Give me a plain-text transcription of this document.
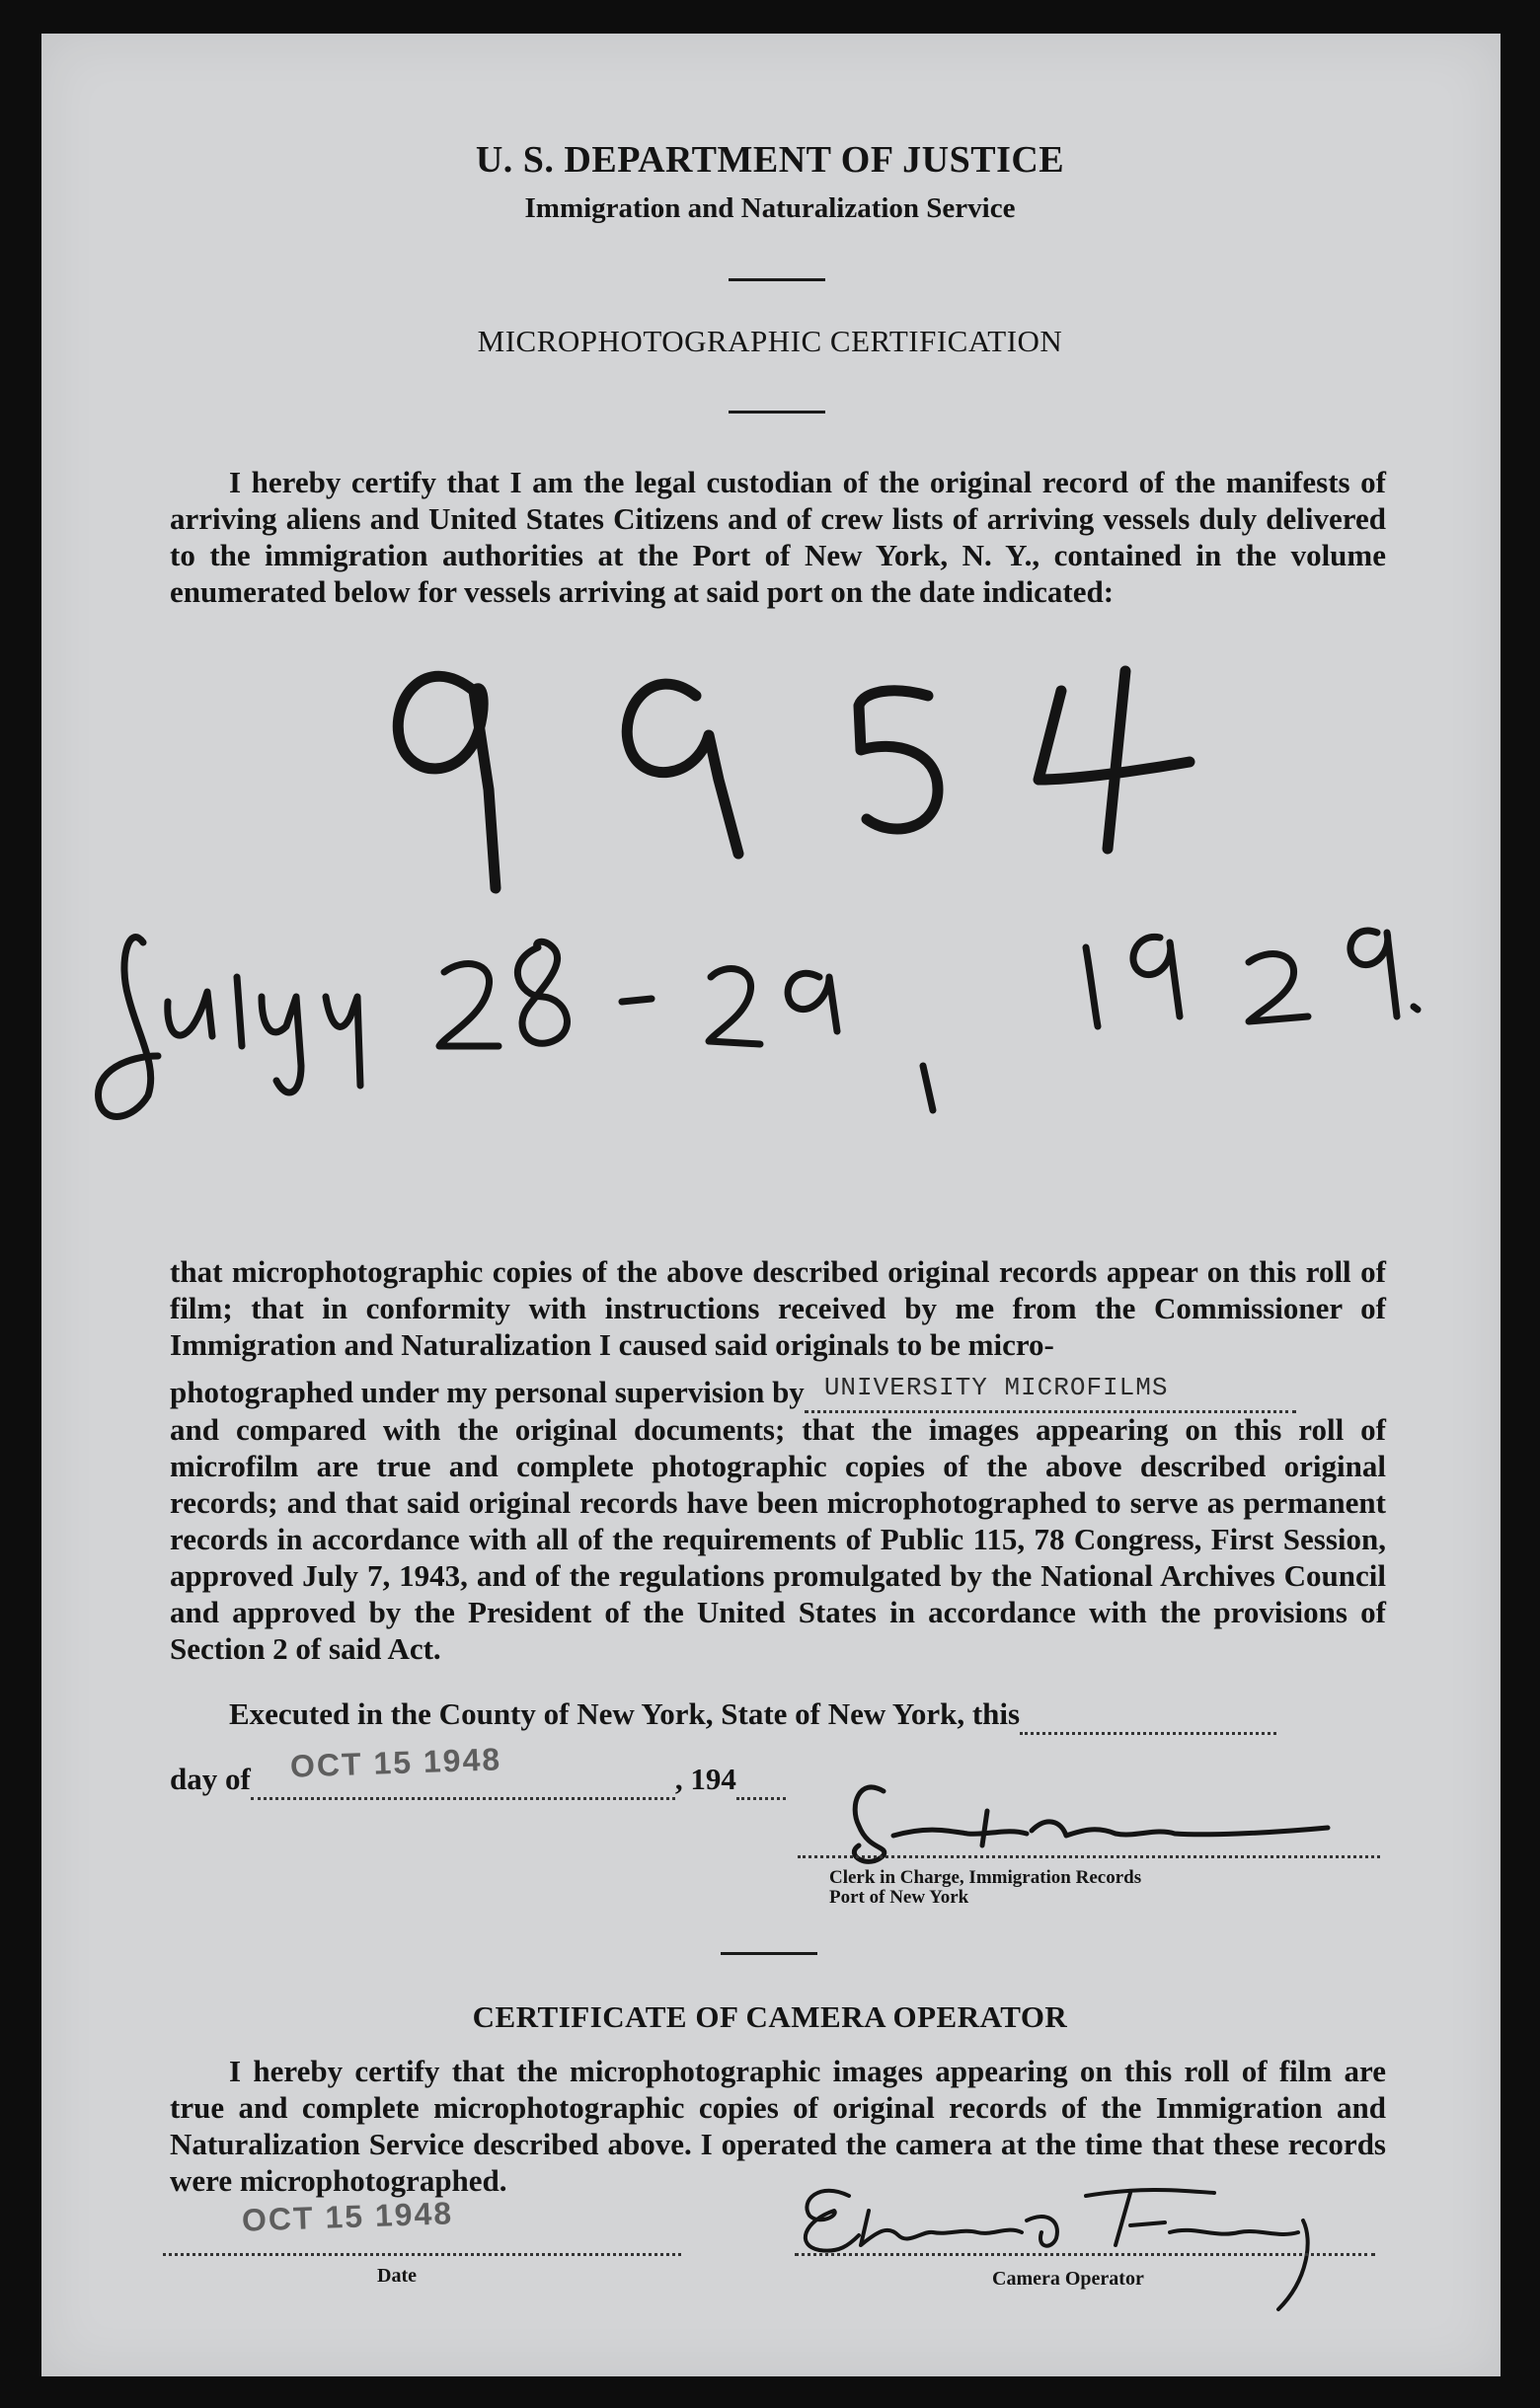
U. S. DEPARTMENT OF JUSTICE
Immigration and Naturalization Service
MICROPHOTOGRAPHIC CERTIFICATION

I hereby certify that I am the legal custodian of the original record of the manifests of arriving aliens and United States Citizens and of crew lists of arriving vessels duly delivered to the immigration authorities at the Port of New York, N. Y., contained in the volume enumerated below for vessels arriving at said port on the date indicated:

that microphotographic copies of the above described original records appear on this roll of film; that in conformity with instructions received by me from the Commissioner of Immigration and Naturalization I caused said originals to be micro-

photographed under my personal supervision by UNIVERSITY MICROFILMS

and compared with the original documents; that the images appearing on this roll of microfilm are true and complete photographic copies of the above described original records; and that said original records have been microphotographed to serve as permanent records in accordance with all of the requirements of Public 115, 78 Congress, First Session, approved July 7, 1943, and of the regulations promulgated by the National Archives Council and approved by the President of the United States in accordance with the provisions of Section 2 of said Act.

Executed in the County of New York, State of New York, this
day of OCT 15 1948	, 194
Clerk in Charge, Immigration Records
Port of New York
CERTIFICATE OF CAMERA OPERATOR

I hereby certify that the microphotographic images appearing on this roll of film are true and complete microphotographic copies of original records of the Immigration and Naturalization Service described above. I operated the camera at the time that these records were microphotographed.

OCT 15 1948
Date	Camera Operator
